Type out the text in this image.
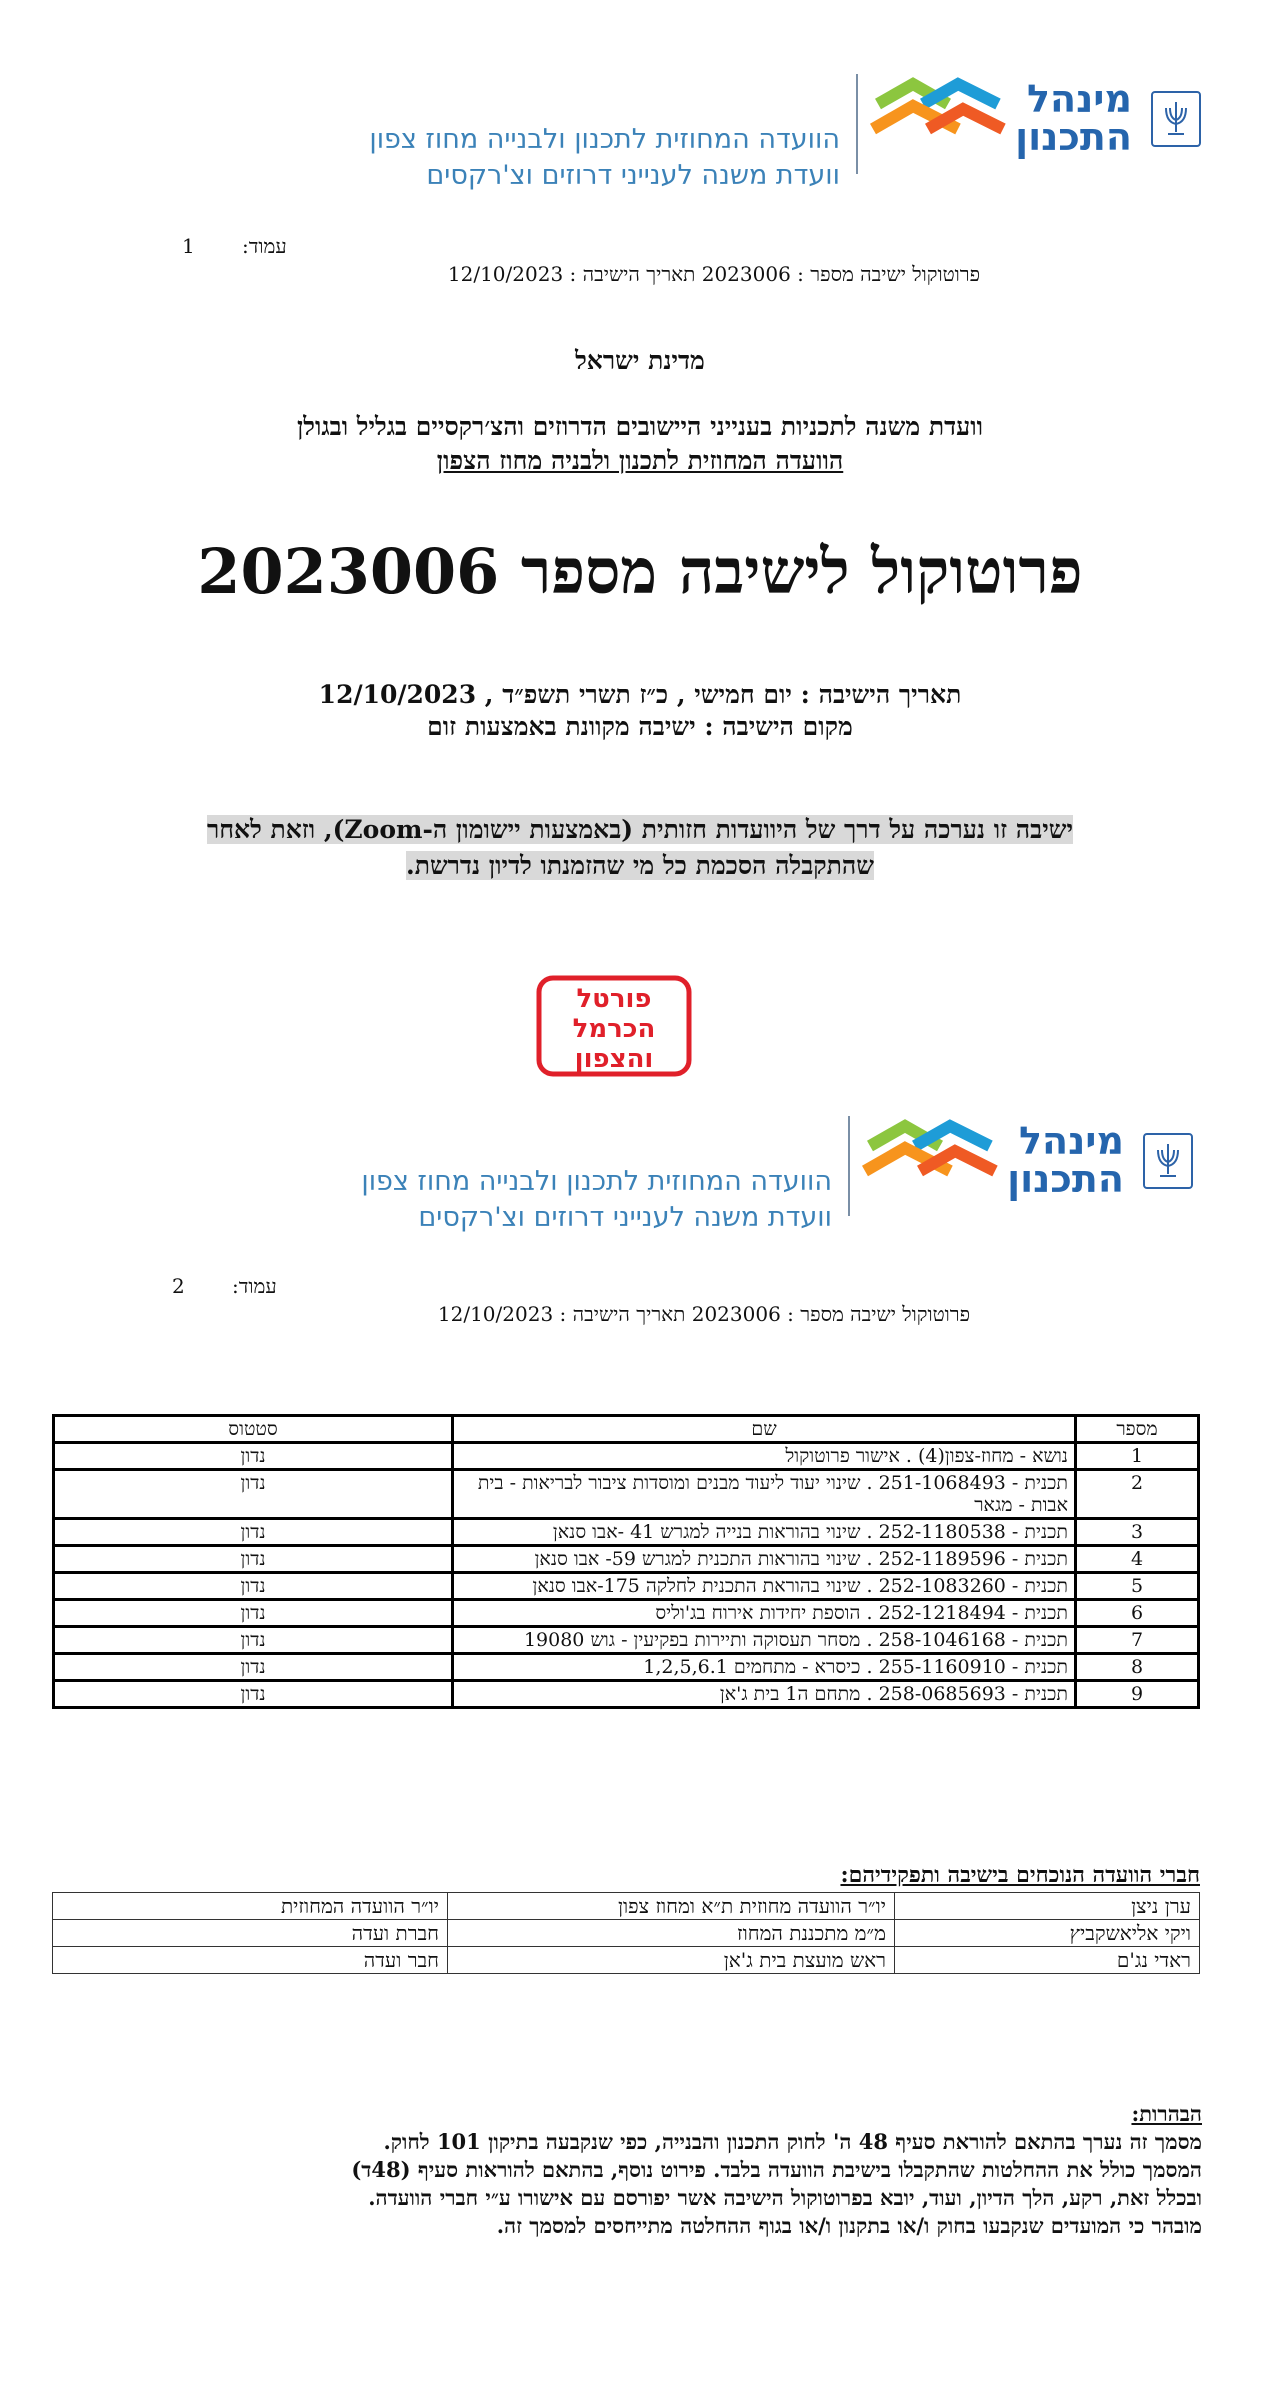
מינהל
התכנון
הוועדה המחוזית לתכנון ולבנייה מחוז צפון
וועדת משנה לענייני דרוזים וצ'רקסים
עמוד:
1
פרוטוקול ישיבה מספר : 2023006 תאריך הישיבה : 12/10/2023
מדינת ישראל
וועדת משנה לתכניות בענייני היישובים הדרוזים והצ׳רקסיים בגליל ובגולן
הוועדה המחוזית לתכנון ולבניה מחוז הצפון
פרוטוקול לישיבה מספר 2023006
תאריך הישיבה : יום חמישי , כ״ז תשרי תשפ״ד , 12/10/2023
מקום הישיבה : ישיבה מקוונת באמצעות זום
ישיבה זו נערכה על דרך של היוועדות חזותית (באמצעות יישומון ה-Zoom), וזאת לאחר
שהתקבלה הסכמת כל מי שהזמנתו לדיון נדרשת.
פורטל
הכרמל
והצפון
מינהל
התכנון
הוועדה המחוזית לתכנון ולבנייה מחוז צפון
וועדת משנה לענייני דרוזים וצ'רקסים
עמוד:
2
פרוטוקול ישיבה מספר : 2023006 תאריך הישיבה : 12/10/2023
מספר	שם	סטטוס
1	נושא - מחוז-צפון(4) . אישור פרוטוקול	נדון
2	תכנית - 251-1068493 . שינוי יעוד ליעוד מבנים ומוסדות ציבור לבריאות - בית אבות - מגאר	נדון
3	תכנית - 252-1180538 . שינוי בהוראות בנייה למגרש 41 -אבו סנאן	נדון
4	תכנית - 252-1189596 . שינוי בהוראות התכנית למגרש 59- אבו סנאן	נדון
5	תכנית - 252-1083260 . שינוי בהוראת התכנית לחלקה 175-אבו סנאן	נדון
6	תכנית - 252-1218494 . הוספת יחידות אירוח בג'וליס	נדון
7	תכנית - 258-1046168 . מסחר תעסוקה ותיירות בפקיעין - גוש 19080	נדון
8	תכנית - 255-1160910 . כיסרא - מתחמים 1,2,5,6.1	נדון
9	תכנית - 258-0685693 . מתחם ה1 בית ג'אן	נדון
חברי הוועדה הנוכחים בישיבה ותפקידיהם:
ערן ניצן	יו״ר הוועדה מחוזית ת״א ומחוז צפון	יו״ר הוועדה המחוזית
ויקי אליאשקביץ	מ״מ מתכננת המחוז	חברת ועדה
ראדי נג'ם	ראש מועצת בית ג'אן	חבר ועדה
הבהרות:
מסמך זה נערך בהתאם להוראת סעיף 48 ה' לחוק התכנון והבנייה, כפי שנקבעה בתיקון 101 לחוק.
המסמך כולל את ההחלטות שהתקבלו בישיבת הוועדה בלבד. פירוט נוסף, בהתאם להוראות סעיף (48ד)
ובכלל זאת, רקע, הלך הדיון, ועוד, יובא בפרוטוקול הישיבה אשר יפורסם עם אישורו ע״י חברי הוועדה.
מובהר כי המועדים שנקבעו בחוק ו/או בתקנון ו/או בגוף ההחלטה מתייחסים למסמך זה.
